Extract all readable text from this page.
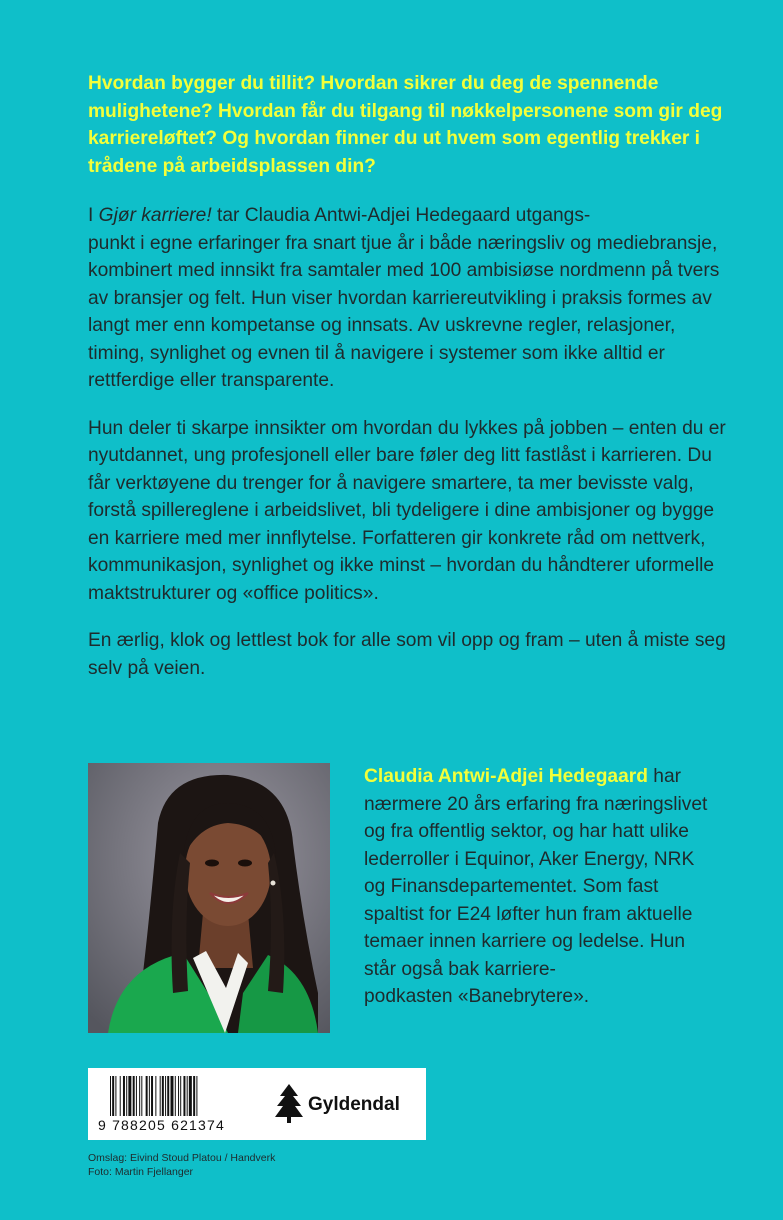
Hvordan bygger du tillit? Hvordan sikrer du deg de spennende mulighetene? Hvordan får du tilgang til nøkkelpersonene som gir deg karriereløftet? Og hvordan finner du ut hvem som egentlig trekker i trådene på arbeidsplassen din?

I Gjør karriere! tar Claudia Antwi-Adjei Hedegaard utgangs-
punkt i egne erfaringer fra snart tjue år i både næringsliv og mediebransje, kombinert med innsikt fra samtaler med 100 ambisiøse nordmenn på tvers av bransjer og felt. Hun viser hvordan karriereutvikling i praksis formes av langt mer enn kompetanse og innsats. Av uskrevne regler, relasjoner, timing, synlighet og evnen til å navigere i systemer som ikke alltid er rettferdige eller transparente.

Hun deler ti skarpe innsikter om hvordan du lykkes på jobben – enten du er nyutdannet, ung profesjonell eller bare føler deg litt fastlåst i karrieren. Du får verktøyene du trenger for å navigere smartere, ta mer bevisste valg, forstå spillereglene i arbeidslivet, bli tydeligere i dine ambisjoner og bygge en karriere med mer innflytelse. Forfatteren gir konkrete råd om nettverk, kommunikasjon, synlighet og ikke minst – hvordan du håndterer uformelle maktstrukturer og «office politics».

En ærlig, klok og lettlest bok for alle som vil opp og fram – uten å miste seg selv på veien.

Claudia Antwi-Adjei Hedegaard har nærmere 20 års erfaring fra næringslivet og fra offentlig sektor, og har hatt ulike lederroller i Equinor, Aker Energy, NRK og Finansdepartementet. Som fast spaltist for E24 løfter hun fram aktuelle temaer innen karriere og ledelse. Hun står også bak karriere-
podkasten «Banebrytere».
9 788205 621374
Gyldendal
Omslag: Eivind Stoud Platou / Handverk
Foto: Martin Fjellanger
